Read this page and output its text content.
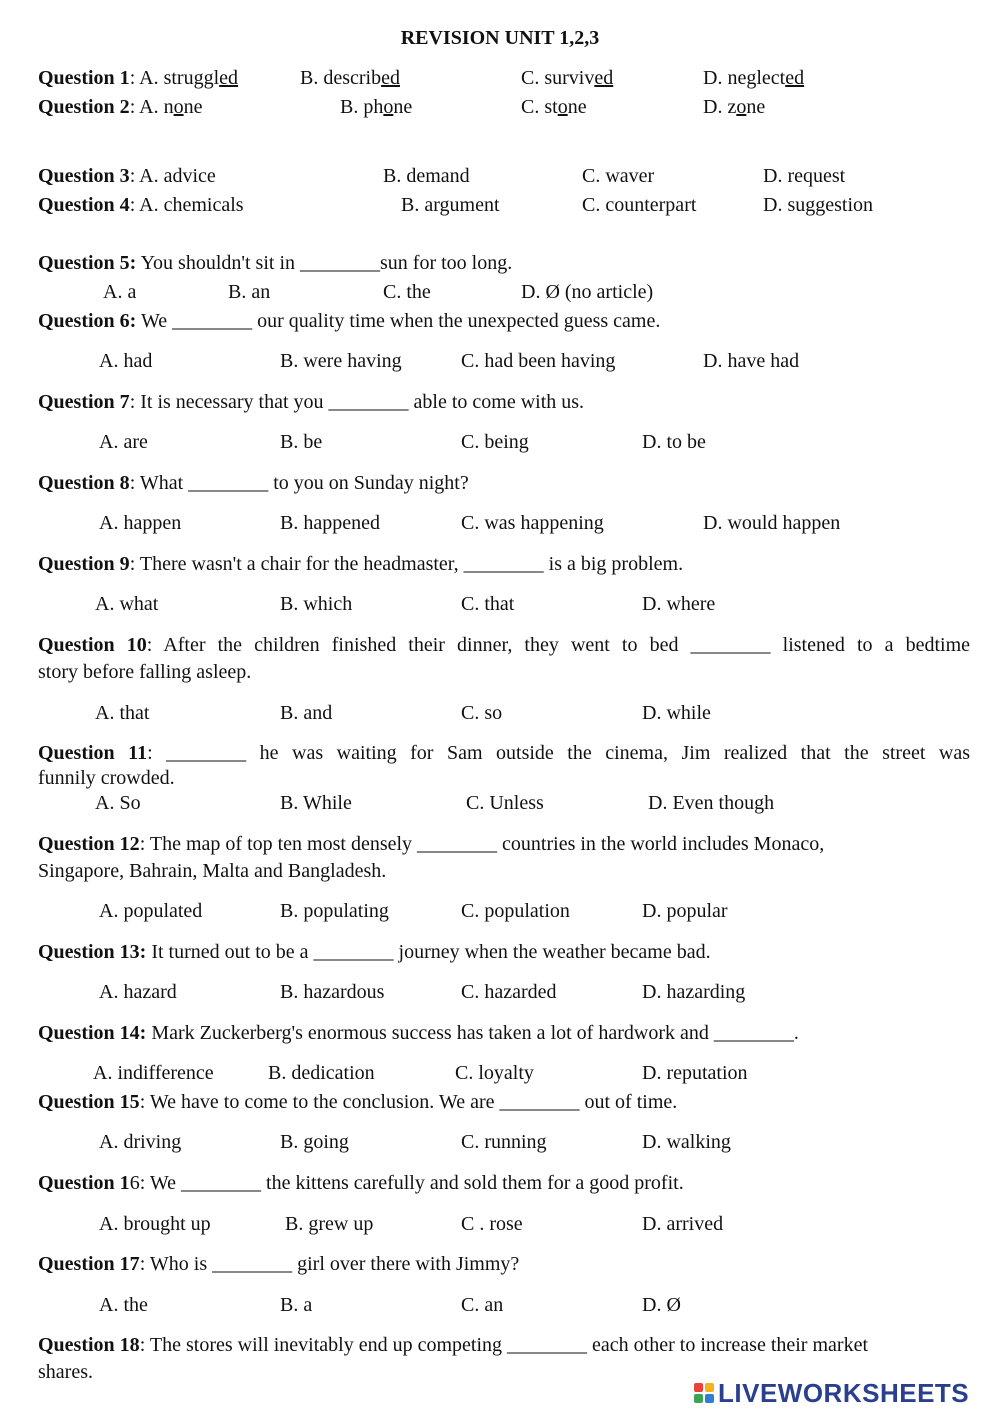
REVISION UNIT 1,2,3
Question 1: A. struggled	B. described	C. survived	D. neglected
Question 2: A. none	B. phone	C. stone	D. zone
Question 3: A. advice	B. demand	C. waver	D. request
Question 4: A. chemicals	B. argument	C. counterpart	D. suggestion
Question 5: You shouldn't sit in ________sun for too long.
A. a	B. an	C. the	D. Ø (no article)
Question 6: We ________ our quality time when the unexpected guess came.
A. had	B. were having	C. had been having	D. have had
Question 7: It is necessary that you ________ able to come with us.
A. are	B. be	C. being	D. to be
Question 8: What ________ to you on Sunday night?
A. happen	B. happened	C. was happening	D. would happen
Question 9: There wasn't a chair for the headmaster, ________ is a big problem.
A. what	B. which	C. that	D. where
Question 10: After the children finished their dinner, they went to bed ________ listened to a bedtime
story before falling asleep.
A. that	B. and	C. so	D. while
Question 11: ________ he was waiting for Sam outside the cinema, Jim realized that the street was
funnily crowded.
A. So	B. While	C. Unless	D. Even though
Question 12: The map of top ten most densely ________ countries in the world includes Monaco,
Singapore, Bahrain, Malta and Bangladesh.
A. populated	B. populating	C. population	D. popular
Question 13: It turned out to be a ________ journey when the weather became bad.
A. hazard	B. hazardous	C. hazarded	D. hazarding
Question 14: Mark Zuckerberg's enormous success has taken a lot of hardwork and ________.
A. indifference	B. dedication	C. loyalty	D. reputation
Question 15: We have to come to the conclusion. We are ________ out of time.
A. driving	B. going	C. running	D. walking
Question 16: We ________ the kittens carefully and sold them for a good profit.
A. brought up	B. grew up	C . rose	D. arrived
Question 17: Who is ________ girl over there with Jimmy?
A. the	B. a	C. an	D. Ø
Question 18: The stores will inevitably end up competing ________ each other to increase their market
shares.
LIVEWORKSHEETS
